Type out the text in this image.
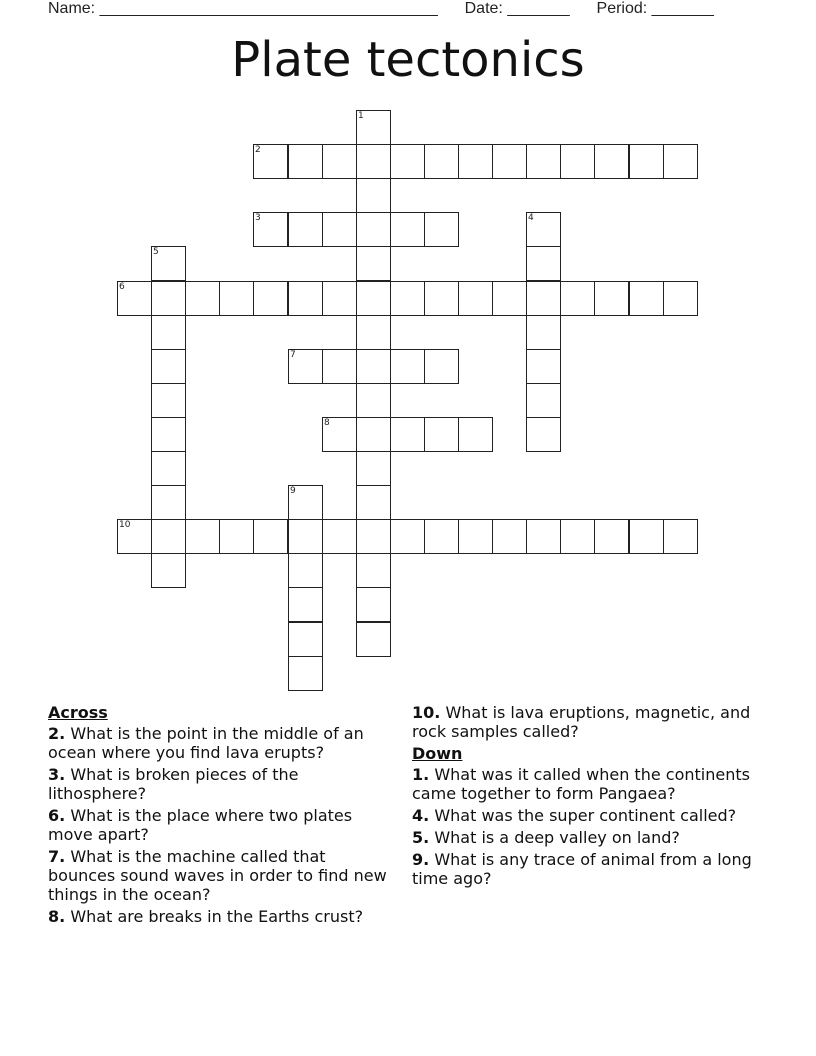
Name: ______________________________________ Date: _______ Period: _______
Plate tectonics
1
2
3	4
5
6
7
8
9
10
Across
2. What is the point in the middle of an ocean where you find lava erupts?
3. What is broken pieces of the lithosphere?
6. What is the place where two plates move apart?
7. What is the machine called that bounces sound waves in order to find new things in the ocean?
8. What are breaks in the Earths crust?
10. What is lava eruptions, magnetic, and rock samples called?
Down
1. What was it called when the continents came together to form Pangaea?
4. What was the super continent called?
5. What is a deep valley on land?
9. What is any trace of animal from a long time ago?
